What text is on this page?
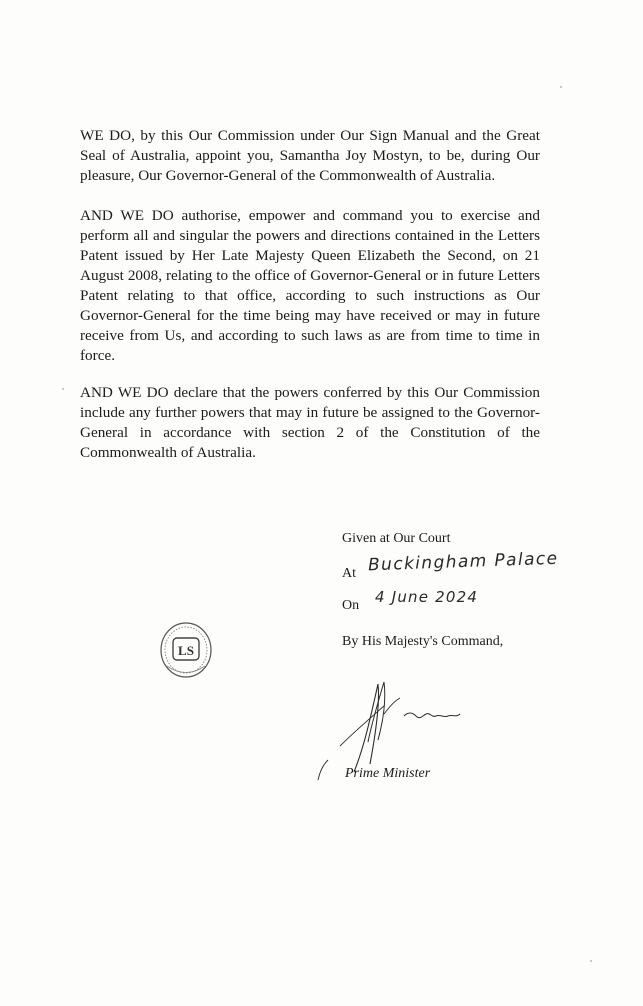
WE DO, by this Our Commission under Our Sign Manual and the Great Seal of Australia, appoint you, Samantha Joy Mostyn, to be, during Our pleasure, Our Governor-General of the Commonwealth of Australia.

AND WE DO authorise, empower and command you to exercise and perform all and singular the powers and directions contained in the Letters Patent issued by Her Late Majesty Queen Elizabeth the Second, on 21 August 2008, relating to the office of Governor-General or in future Letters Patent relating to that office, according to such instructions as Our Governor-General for the time being may have received or may in future receive from Us, and according to such laws as are from time to time in force.

AND WE DO declare that the powers conferred by this Our Commission include any further powers that may in future be assigned to the Governor-General in accordance with section 2 of the Constitution of the Commonwealth of Australia.

Given at Our Court
At Buckingham Palace
On 4 June 2024
By His Majesty's Command,
LS
Prime Minister
